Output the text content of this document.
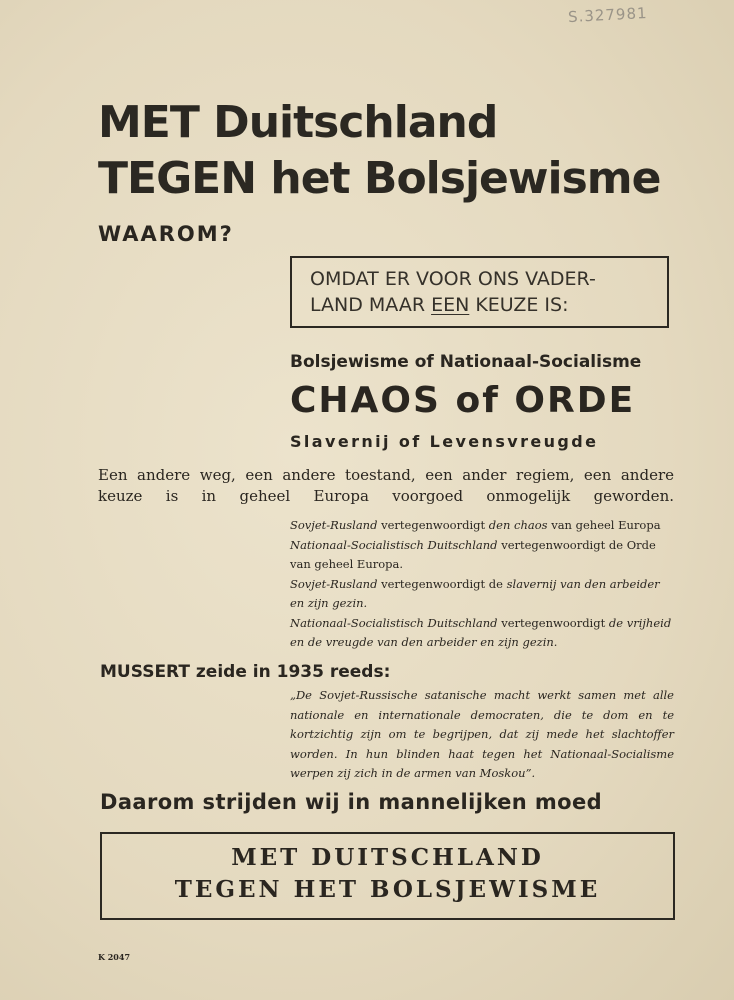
S.327981
MET Duitschland
TEGEN het Bolsjewisme
WAAROM?
OMDAT ER VOOR ONS VADER-
LAND MAAR EEN KEUZE IS:
Bolsjewisme of Nationaal-Socialisme
CHAOS of ORDE
Slavernij of Levensvreugde
Een andere weg, een andere toestand, een ander regiem, een andere keuze is in geheel Europa voorgoed onmogelijk geworden.

Sovjet-Rusland vertegenwoordigt den chaos van geheel Europa

Nationaal-Socialistisch Duitschland vertegenwoordigt de Orde van geheel Europa.

Sovjet-Rusland vertegenwoordigt de slavernij van den arbeider en zijn gezin.

Nationaal-Socialistisch Duitschland vertegenwoordigt de vrijheid en de vreugde van den arbeider en zijn gezin.

MUSSERT zeide in 1935 reeds:
„De Sovjet-Russische satanische macht werkt samen met alle nationale en internationale democraten, die te dom en te kortzichtig zijn om te begrijpen, dat zij mede het slachtoffer worden. In hun blinden haat tegen het Nationaal-Socialisme werpen zij zich in de armen van Moskou”.
Daarom strijden wij in mannelijken moed
MET DUITSCHLAND
TEGEN HET BOLSJEWISME
K 2047
